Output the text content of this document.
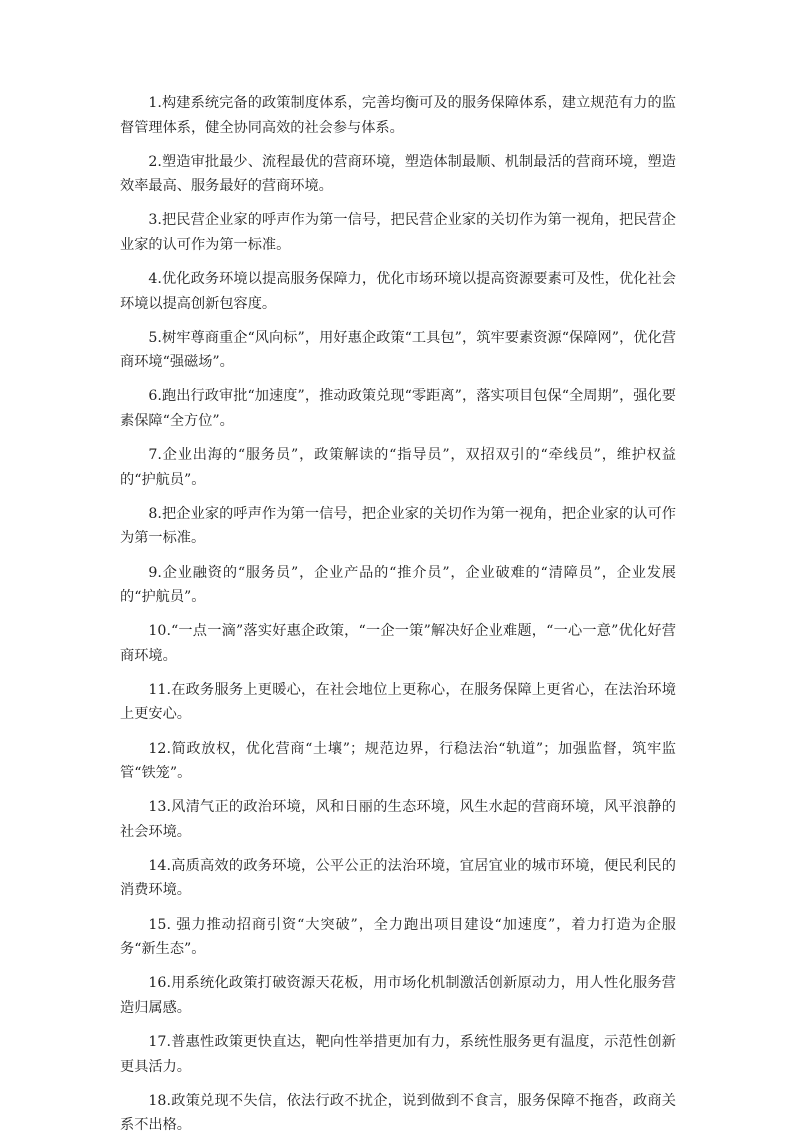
1.构建系统完备的政策制度体系，完善均衡可及的服务保障体系，建立规范有力的监督管理体系，健全协同高效的社会参与体系。

2.塑造审批最少、流程最优的营商环境，塑造体制最顺、机制最活的营商环境，塑造效率最高、服务最好的营商环境。

3.把民营企业家的呼声作为第一信号，把民营企业家的关切作为第一视角，把民营企业家的认可作为第一标准。

4.优化政务环境以提高服务保障力，优化市场环境以提高资源要素可及性，优化社会环境以提高创新包容度。

5.树牢尊商重企“风向标”，用好惠企政策“工具包”，筑牢要素资源“保障网”，优化营商环境“强磁场”。

6.跑出行政审批“加速度”，推动政策兑现“零距离”，落实项目包保“全周期”，强化要素保障“全方位”。

7.企业出海的“服务员”，政策解读的“指导员”，双招双引的“牵线员”，维护权益的“护航员”。

8.把企业家的呼声作为第一信号，把企业家的关切作为第一视角，把企业家的认可作为第一标准。

9.企业融资的“服务员”，企业产品的“推介员”，企业破难的“清障员”，企业发展的“护航员”。

10.“一点一滴”落实好惠企政策，“一企一策”解决好企业难题，“一心一意”优化好营商环境。

11.在政务服务上更暖心，在社会地位上更称心，在服务保障上更省心，在法治环境上更安心。

12.简政放权，优化营商“土壤”；规范边界，行稳法治“轨道”；加强监督，筑牢监管“铁笼”。

13.风清气正的政治环境，风和日丽的生态环境，风生水起的营商环境，风平浪静的社会环境。

14.高质高效的政务环境，公平公正的法治环境，宜居宜业的城市环境，便民利民的消费环境。

15. 强力推动招商引资“大突破”，全力跑出项目建设“加速度”，着力打造为企服务“新生态”。

16.用系统化政策打破资源天花板，用市场化机制激活创新原动力，用人性化服务营造归属感。

17.普惠性政策更快直达，靶向性举措更加有力，系统性服务更有温度，示范性创新更具活力。

18.政策兑现不失信，依法行政不扰企，说到做到不食言，服务保障不拖沓，政商关系不出格。
